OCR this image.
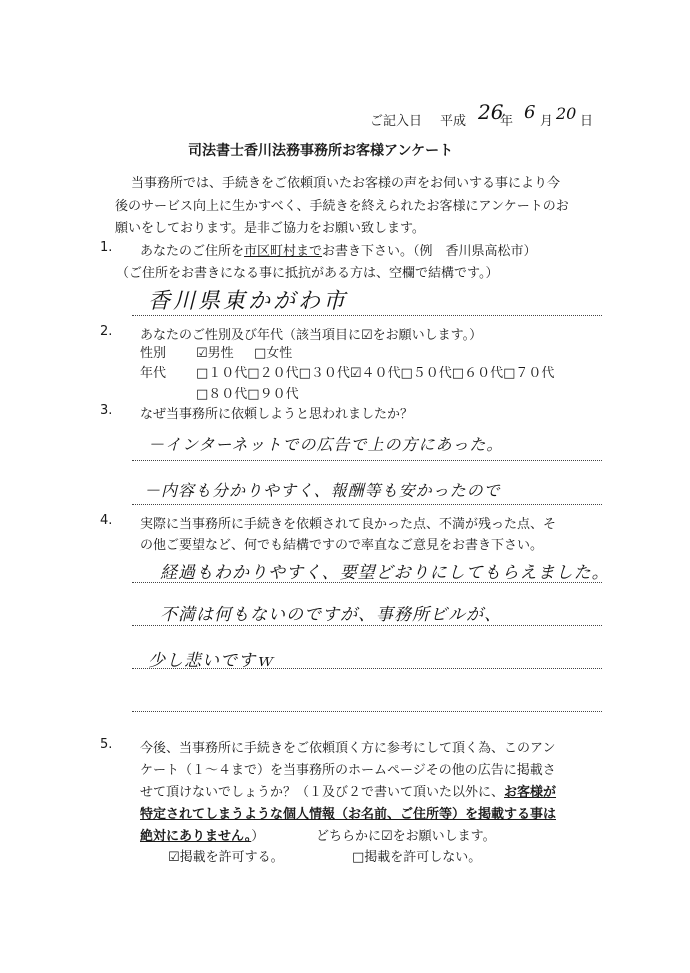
ご記入日 平成 26
年 6 月 20 日
司法書士香川法務事務所お客様アンケート
当事務所では、手続きをご依頼頂いたお客様の声をお伺いする事により今
後のサービス向上に生かすべく、手続きを終えられたお客様にアンケートのお
願いをしております。是非ご協力をお願い致します。
1. あなたのご住所を市区町村までお書き下さい。（例　香川県高松市）
（ご住所をお書きになる事に抵抗がある方は、空欄で結構です。）
香川県東かがわ市
2. あなたのご性別及び年代（該当項目に☑をお願いします。）
性別 ☑男性 □女性
年代 □１０代□２０代□３０代☑４０代□５０代□６０代□７０代
□８０代□９０代
3. なぜ当事務所に依頼しようと思われましたか？
－インターネットでの広告で上の方にあった。
－内容も分かりやすく、報酬等も安かったので
4. 実際に当事務所に手続きを依頼されて良かった点、不満が残った点、そ
の他ご要望など、何でも結構ですので率直なご意見をお書き下さい。
経過もわかりやすく、要望どおりにしてもらえました。
不満は何もないのですが、事務所ビルが、
少し悲いですｗ
5. 今後、当事務所に手続きをご依頼頂く方に参考にして頂く為、このアン
ケート（１～４まで）を当事務所のホームページその他の広告に掲載さ
せて頂けないでしょうか？（１及び２で書いて頂いた以外に、お客様が
特定されてしまうような個人情報（お名前、ご住所等）を掲載する事は
絶対にありません。）	どちらかに☑をお願いします。
☑掲載を許可する。	□掲載を許可しない。
